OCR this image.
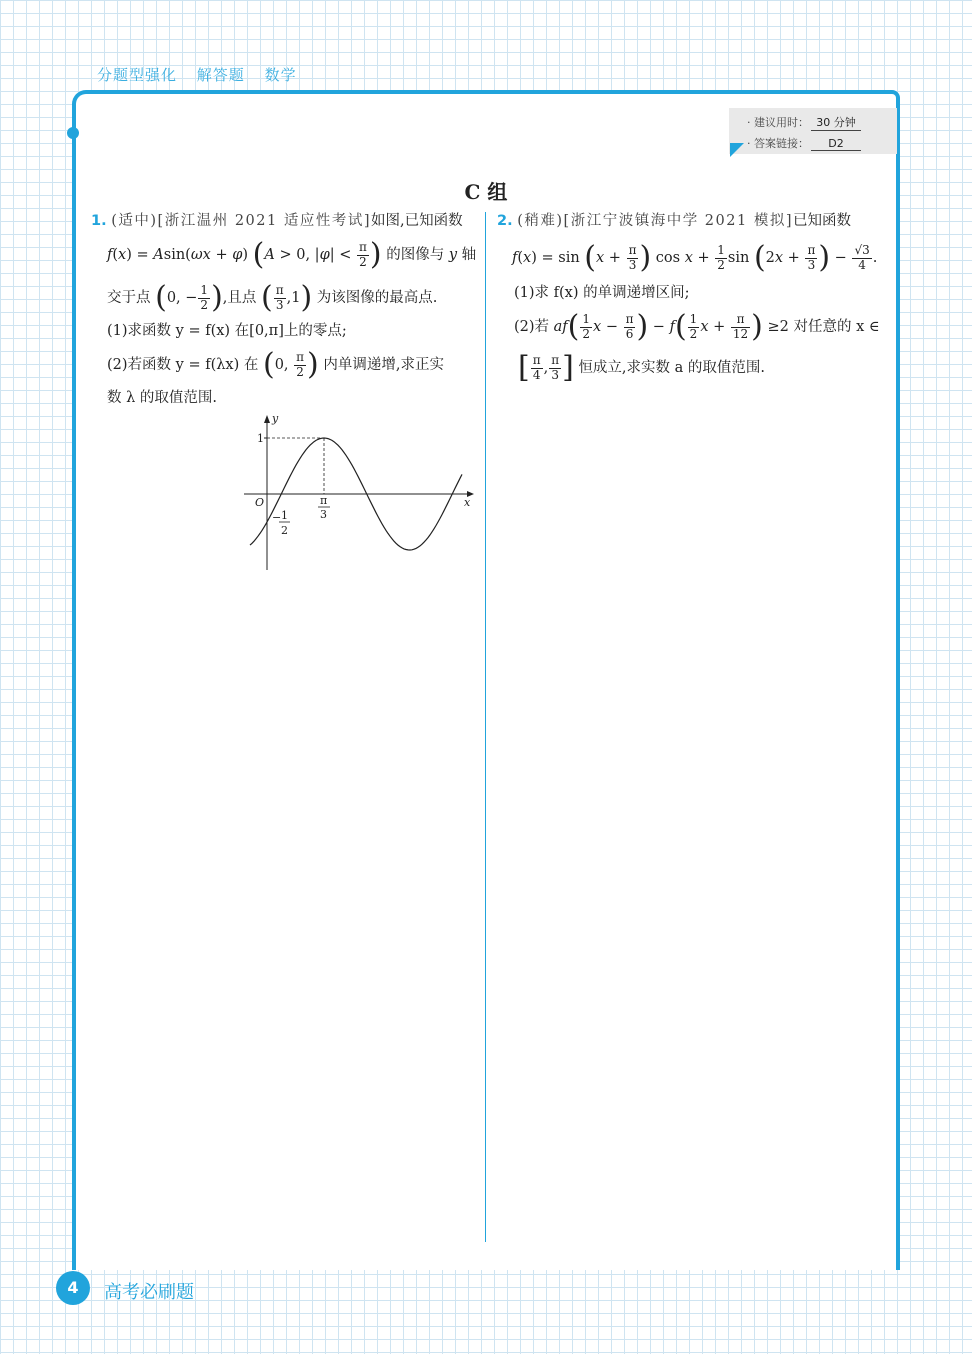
分题型强化 解答题 数学
· 建议用时： 30 分钟
· 答案链接： D2
C 组
1. (适中)[浙江温州 2021 适应性考试]如图,已知函数
f(x) = Asin(ωx + φ) (A > 0, $|\varphi| < \frac{\pi}{2}$ ) 的图像与 y 轴
交于点 (0, − $\frac{1}{2}$ ),且点 ( $\frac{\pi}{3} ,1$) 为该图像的最高点.
(1)求函数 y = f(x) 在[0,π]上的零点;
(2)若函数 y = f(λx) 在 (0, $\frac{\pi}{2}$ ) 内单调递增,求正实
数 λ 的取值范围.
y
x
O
1
π
3
− 1
2
2. (稍难)[浙江宁波镇海中学 2021 模拟]已知函数
$f(x) = \sin (x + \frac{\pi}{3}$ ) $\cos x + \frac{1}{2}$ $\sin (2x + \frac{\pi}{3}$ ) − $\frac{√3}{4}$ .
(1)求 f(x) 的单调递增区间;
(2)若 $af( \frac{1}{2}$ $x - \frac{\pi}{6}$ ) − $f( \frac{1}{2}$ $x + \frac{\pi}{12}$ ) ≥2 对任意的 x ∈
[ $\frac{\pi}{4}$ , $\frac{\pi}{3}$ ] 恒成立,求实数 a 的取值范围.
4	高考必刷题
